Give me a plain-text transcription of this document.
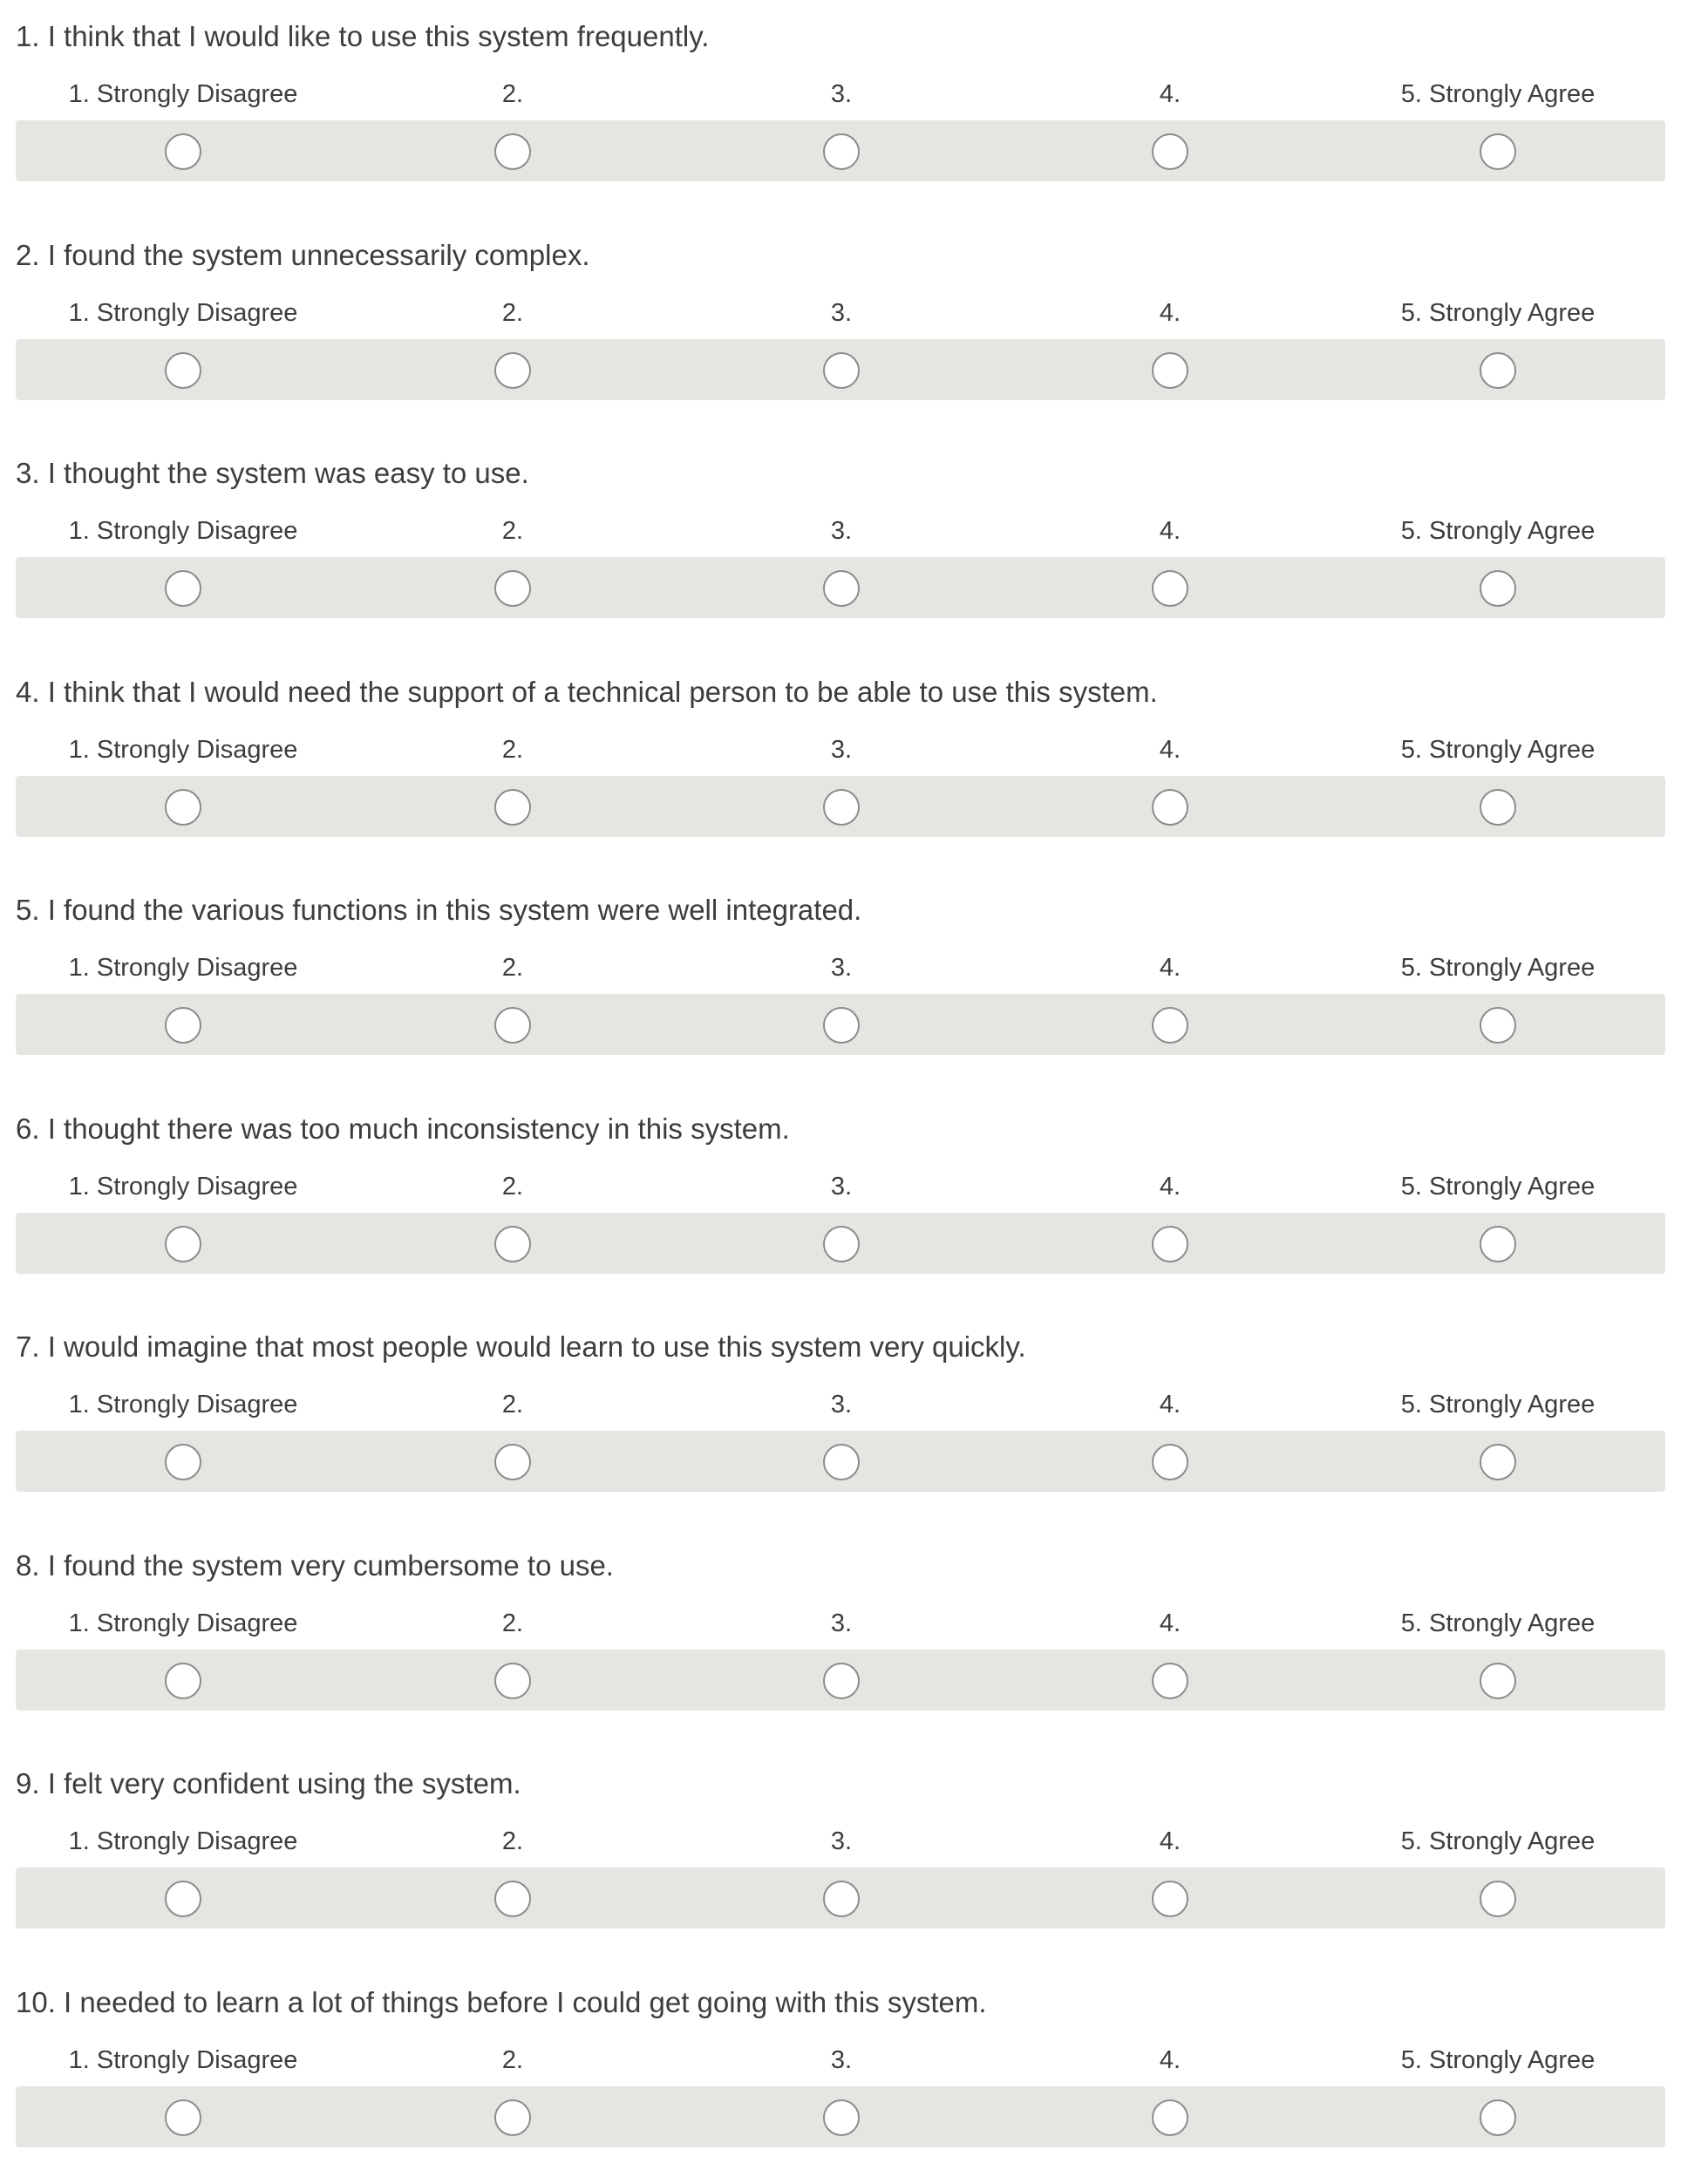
1. I think that I would like to use this system frequently.
1. Strongly Disagree	2.	3.	4.	5. Strongly Agree
2. I found the system unnecessarily complex.
1. Strongly Disagree	2.	3.	4.	5. Strongly Agree
3. I thought the system was easy to use.
1. Strongly Disagree	2.	3.	4.	5. Strongly Agree
4. I think that I would need the support of a technical person to be able to use this system.
1. Strongly Disagree	2.	3.	4.	5. Strongly Agree
5. I found the various functions in this system were well integrated.
1. Strongly Disagree	2.	3.	4.	5. Strongly Agree
6. I thought there was too much inconsistency in this system.
1. Strongly Disagree	2.	3.	4.	5. Strongly Agree
7. I would imagine that most people would learn to use this system very quickly.
1. Strongly Disagree	2.	3.	4.	5. Strongly Agree
8. I found the system very cumbersome to use.
1. Strongly Disagree	2.	3.	4.	5. Strongly Agree
9. I felt very confident using the system.
1. Strongly Disagree	2.	3.	4.	5. Strongly Agree
10. I needed to learn a lot of things before I could get going with this system.
1. Strongly Disagree	2.	3.	4.	5. Strongly Agree
